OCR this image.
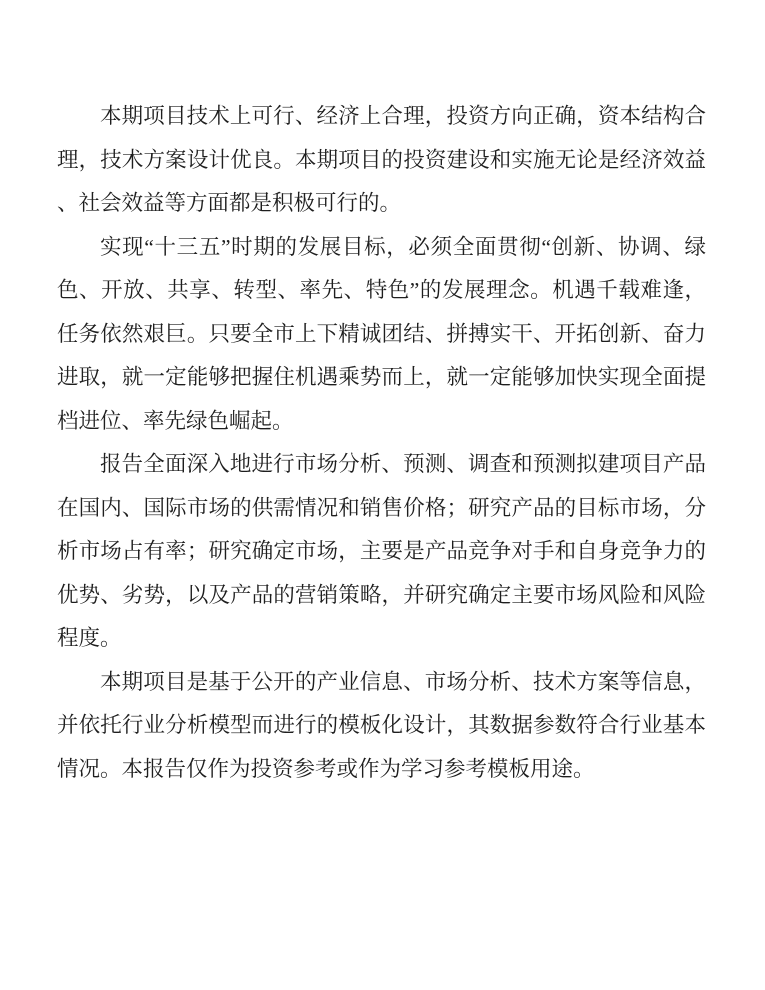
本期项目技术上可行、经济上合理，投资方向正确，资本结构合理，技术方案设计优良。本期项目的投资建设和实施无论是经济效益、社会效益等方面都是积极可行的。

实现“十三五”时期的发展目标，必须全面贯彻“创新、协调、绿色、开放、共享、转型、率先、特色”的发展理念。机遇千载难逢，任务依然艰巨。只要全市上下精诚团结、拼搏实干、开拓创新、奋力进取，就一定能够把握住机遇乘势而上，就一定能够加快实现全面提档进位、率先绿色崛起。

报告全面深入地进行市场分析、预测、调查和预测拟建项目产品在国内、国际市场的供需情况和销售价格；研究产品的目标市场，分析市场占有率；研究确定市场，主要是产品竞争对手和自身竞争力的优势、劣势，以及产品的营销策略，并研究确定主要市场风险和风险程度。

本期项目是基于公开的产业信息、市场分析、技术方案等信息，并依托行业分析模型而进行的模板化设计，其数据参数符合行业基本情况。本报告仅作为投资参考或作为学习参考模板用途。
